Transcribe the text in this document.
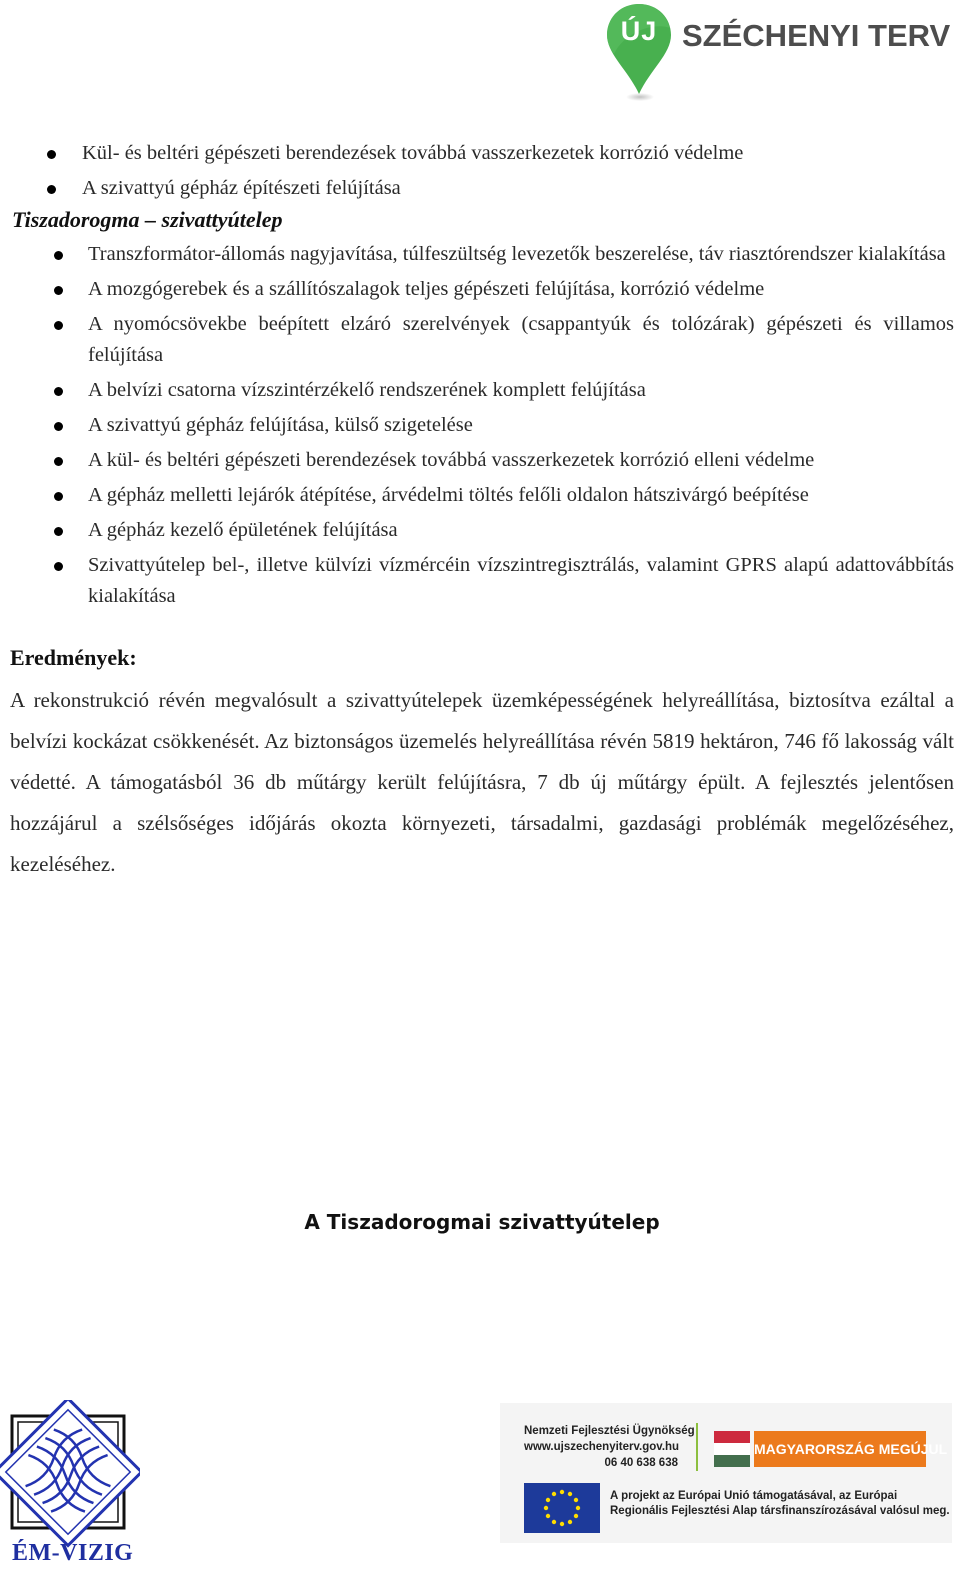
ÚJ SZÉCHENYI TERV
Kül- és beltéri gépészeti berendezések továbbá vasszerkezetek korrózió védelme
A szivattyú gépház építészeti felújítása
Tiszadorogma – szivattyútelep
Transzformátor-állomás nagyjavítása, túlfeszültség levezetők beszerelése, táv riasztórendszer kialakítása
A mozgógerebek és a szállítószalagok teljes gépészeti felújítása, korrózió védelme
A nyomócsövekbe beépített elzáró szerelvények (csappantyúk és tolózárak) gépészeti és villamos felújítása
A belvízi csatorna vízszintérzékelő rendszerének komplett felújítása
A szivattyú gépház felújítása, külső szigetelése
A kül- és beltéri gépészeti berendezések továbbá vasszerkezetek korrózió elleni védelme
A gépház melletti lejárók átépítése, árvédelmi töltés felőli oldalon hátszivárgó beépítése
A gépház kezelő épületének felújítása
Szivattyútelep bel-, illetve külvízi vízmércéin vízszintregisztrálás, valamint GPRS alapú adattovábbítás kialakítása
Eredmények:

A rekonstrukció révén megvalósult a szivattyútelepek üzemképességének helyreállítása, biztosítva ezáltal a belvízi kockázat csökkenését. Az biztonságos üzemelés helyreállítása révén 5819 hektáron, 746 fő lakosság vált védetté. A támogatásból 36 db műtárgy került felújításra, 7 db új műtárgy épült. A fejlesztés jelentősen hozzájárul a szélsőséges időjárás okozta környezeti, társadalmi, gazdasági problémák megelőzéséhez, kezeléséhez.

A Tiszadorogmai szivattyútelep
ÉM-VIZIG
Nemzeti Fejlesztési Ügynökség
www.ujszechenyiterv.gov.hu
06 40 638 638
MAGYARORSZÁG MEGÚJUL
A projekt az Európai Unió támogatásával, az Európai
Regionális Fejlesztési Alap társfinanszírozásával valósul meg.
